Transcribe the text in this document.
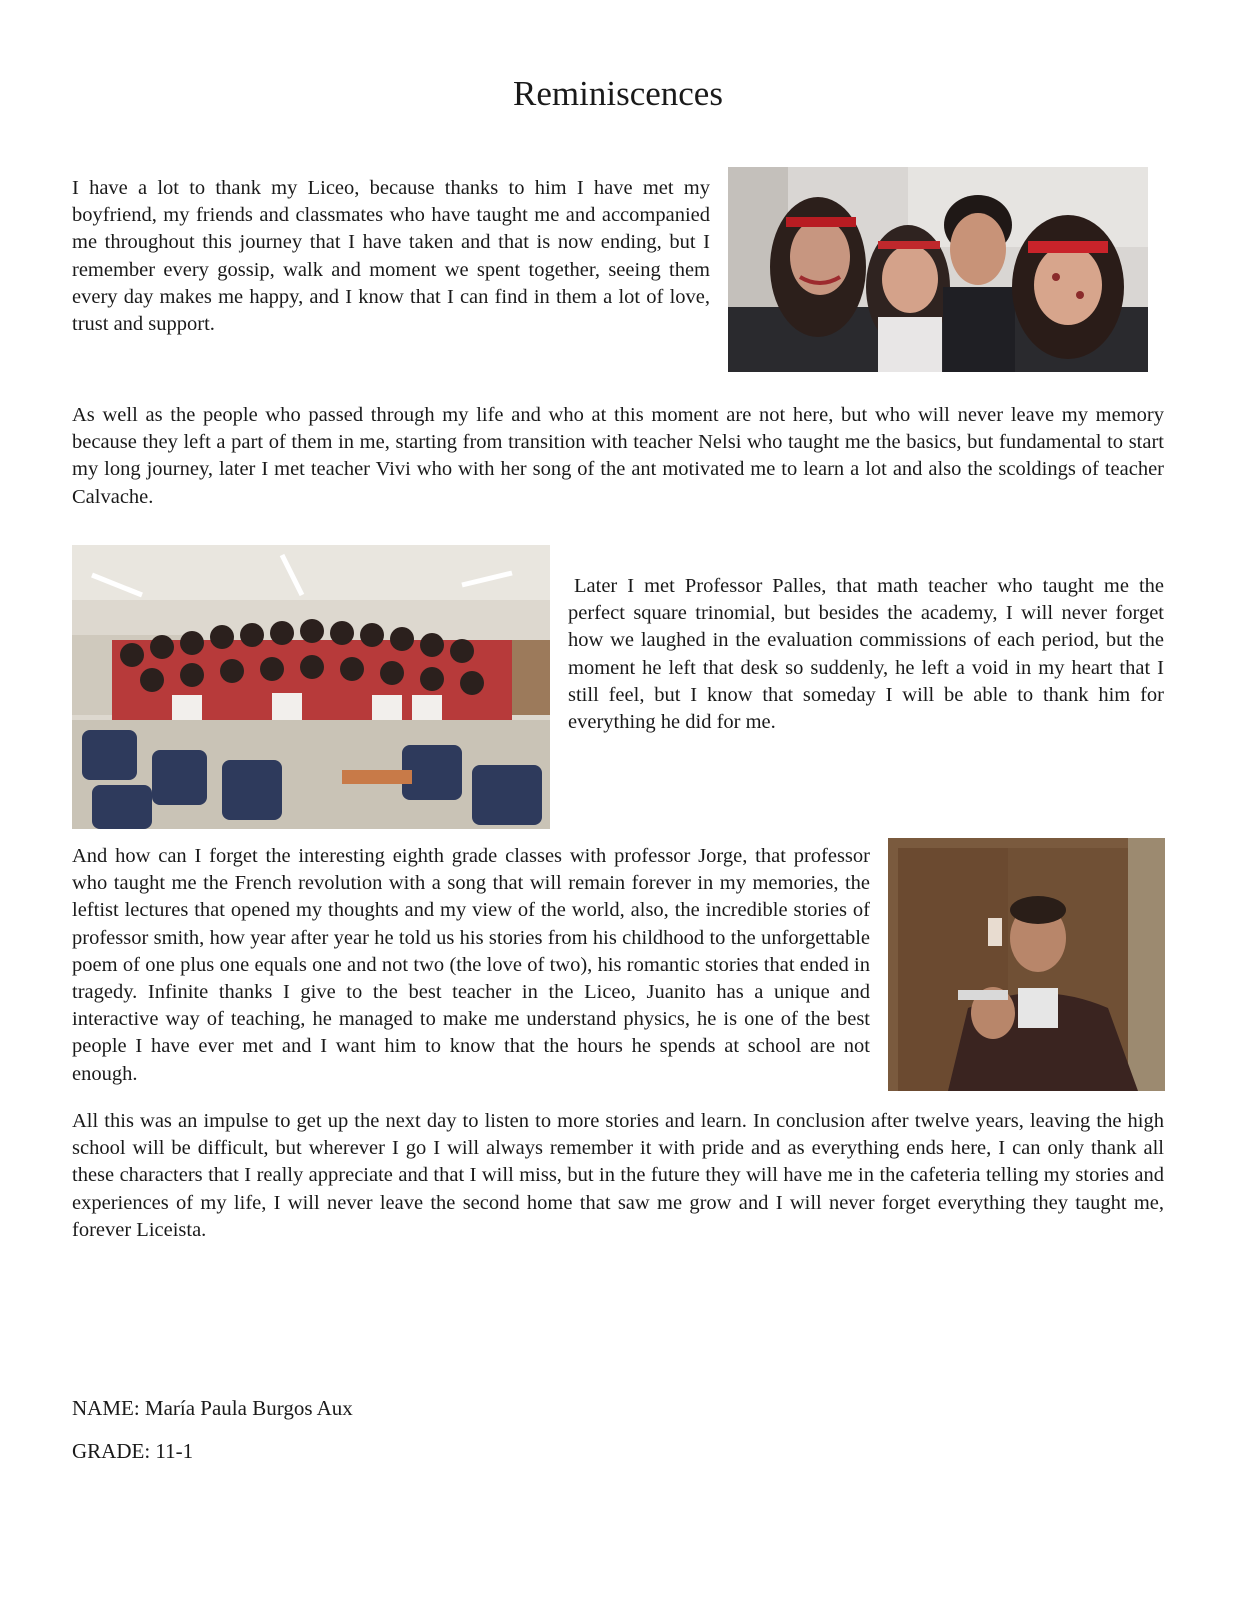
Reminiscences

I have a lot to thank my Liceo, because thanks to him I have met my boyfriend, my friends and classmates who have taught me and accompanied me throughout this journey that I have taken and that is now ending, but I remember every gossip, walk and moment we spent together, seeing them every day makes me happy, and I know that I can find in them a lot of love, trust and support.

As well as the people who passed through my life and who at this moment are not here, but who will never leave my memory because they left a part of them in me, starting from transition with teacher Nelsi who taught me the basics, but fundamental to start my long journey, later I met teacher Vivi who with her song of the ant motivated me to learn a lot and also the scoldings of teacher Calvache.

Later I met Professor Palles, that math teacher who taught me the perfect square trinomial, but besides the academy, I will never forget how we laughed in the evaluation commissions of each period, but the moment he left that desk so suddenly, he left a void in my heart that I still feel, but I know that someday I will be able to thank him for everything he did for me.

And how can I forget the interesting eighth grade classes with professor Jorge, that professor who taught me the French revolution with a song that will remain forever in my memories, the leftist lectures that opened my thoughts and my view of the world, also, the incredible stories of professor smith, how year after year he told us his stories from his childhood to the unforgettable poem of one plus one equals one and not two (the love of two), his romantic stories that ended in tragedy. Infinite thanks I give to the best teacher in the Liceo, Juanito has a unique and interactive way of teaching, he managed to make me understand physics, he is one of the best people I have ever met and I want him to know that the hours he spends at school are not enough.

All this was an impulse to get up the next day to listen to more stories and learn. In conclusion after twelve years, leaving the high school will be difficult, but wherever I go I will always remember it with pride and as everything ends here, I can only thank all these characters that I really appreciate and that I will miss, but in the future they will have me in the cafeteria telling my stories and experiences of my life, I will never leave the second home that saw me grow and I will never forget everything they taught me, forever Liceista.

NAME: María Paula Burgos Aux
GRADE: 11-1
